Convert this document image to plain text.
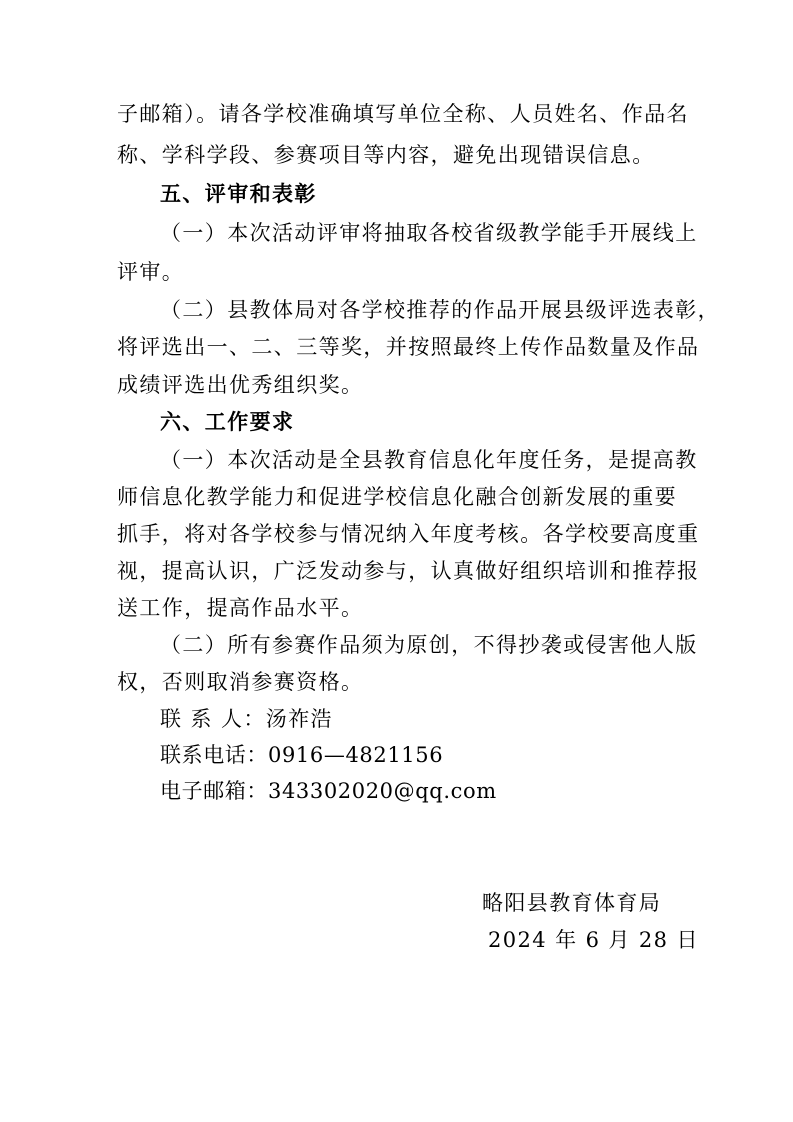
子邮箱）。请各学校准确填写单位全称、人员姓名、作品名
称、学科学段、参赛项目等内容，避免出现错误信息。
五、评审和表彰
（一）本次活动评审将抽取各校省级教学能手开展线上
评审。
（二）县教体局对各学校推荐的作品开展县级评选表彰，
将评选出一、二、三等奖，并按照最终上传作品数量及作品
成绩评选出优秀组织奖。
六、工作要求
（一）本次活动是全县教育信息化年度任务，是提高教
师信息化教学能力和促进学校信息化融合创新发展的重要
抓手，将对各学校参与情况纳入年度考核。各学校要高度重
视，提高认识，广泛发动参与，认真做好组织培训和推荐报
送工作，提高作品水平。
（二）所有参赛作品须为原创，不得抄袭或侵害他人版
权，否则取消参赛资格。
联 系 人：汤祚浩
联系电话：0916—4821156
电子邮箱：343302020@qq.com
略阳县教育体育局
2024 年 6 月 28 日
